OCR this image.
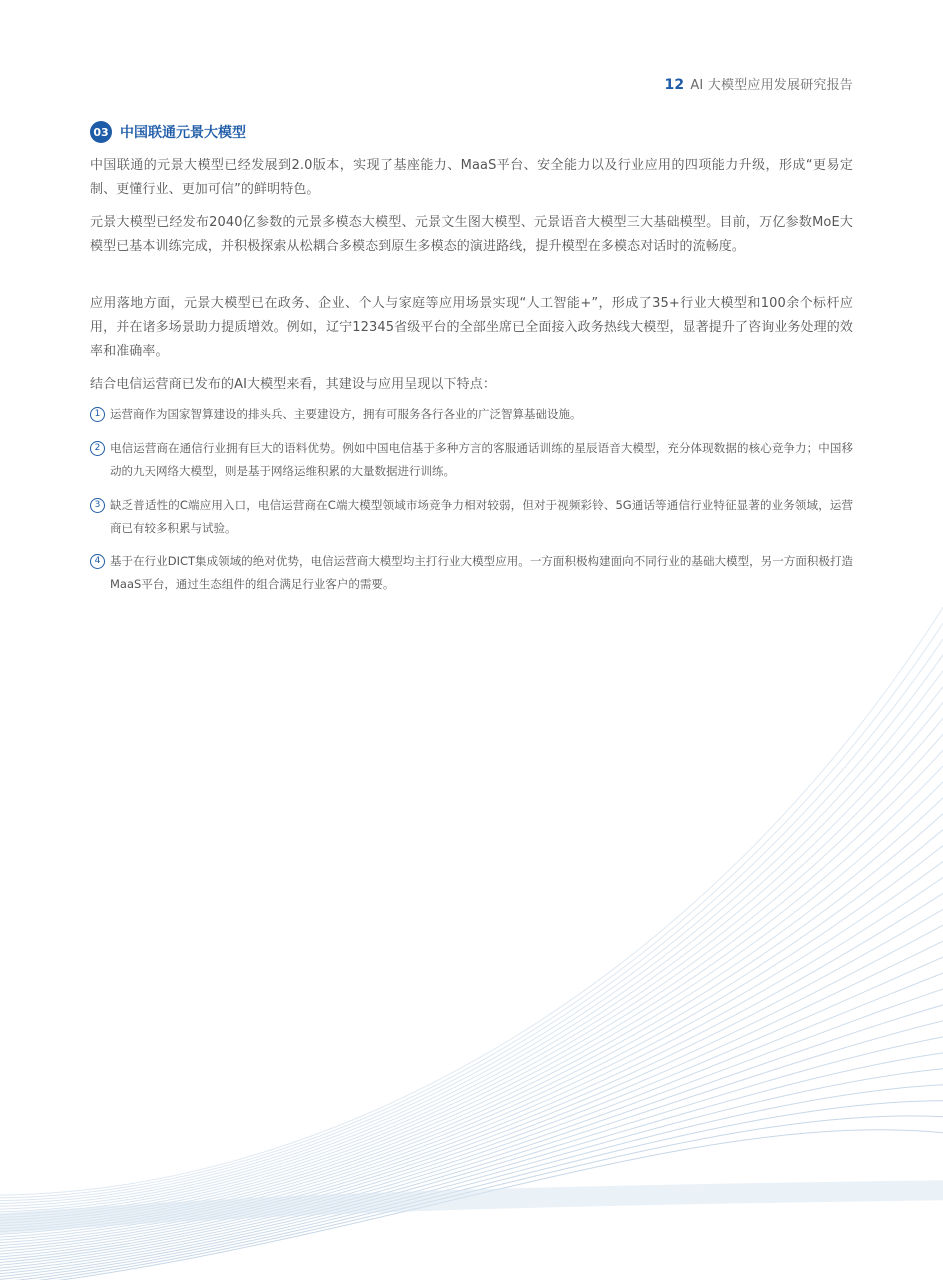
12 AI 大模型应用发展研究报告
03 中国联通元景大模型

中国联通的元景大模型已经发展到2.0版本，实现了基座能力、MaaS平台、安全能力以及行业应用的四项能力升级，形成“更易定制、更懂行业、更加可信”的鲜明特色。

元景大模型已经发布2040亿参数的元景多模态大模型、元景文生图大模型、元景语音大模型三大基础模型。目前，万亿参数MoE大模型已基本训练完成，并积极探索从松耦合多模态到原生多模态的演进路线，提升模型在多模态对话时的流畅度。

应用落地方面，元景大模型已在政务、企业、个人与家庭等应用场景实现“人工智能+”，形成了35+行业大模型和100余个标杆应用，并在诸多场景助力提质增效。例如，辽宁12345省级平台的全部坐席已全面接入政务热线大模型，显著提升了咨询业务处理的效率和准确率。

结合电信运营商已发布的AI大模型来看，其建设与应用呈现以下特点：

1 运营商作为国家智算建设的排头兵、主要建设方，拥有可服务各行各业的广泛智算基础设施。
2 电信运营商在通信行业拥有巨大的语料优势。例如中国电信基于多种方言的客服通话训练的星辰语音大模型，充分体现数据的核心竞争力；中国移动的九天网络大模型，则是基于网络运维积累的大量数据进行训练。
3 缺乏普适性的C端应用入口，电信运营商在C端大模型领域市场竞争力相对较弱，但对于视频彩铃、5G通话等通信行业特征显著的业务领域，运营商已有较多积累与试验。
4 基于在行业DICT集成领域的绝对优势，电信运营商大模型均主打行业大模型应用。一方面积极构建面向不同行业的基础大模型，另一方面积极打造MaaS平台，通过生态组件的组合满足行业客户的需要。
